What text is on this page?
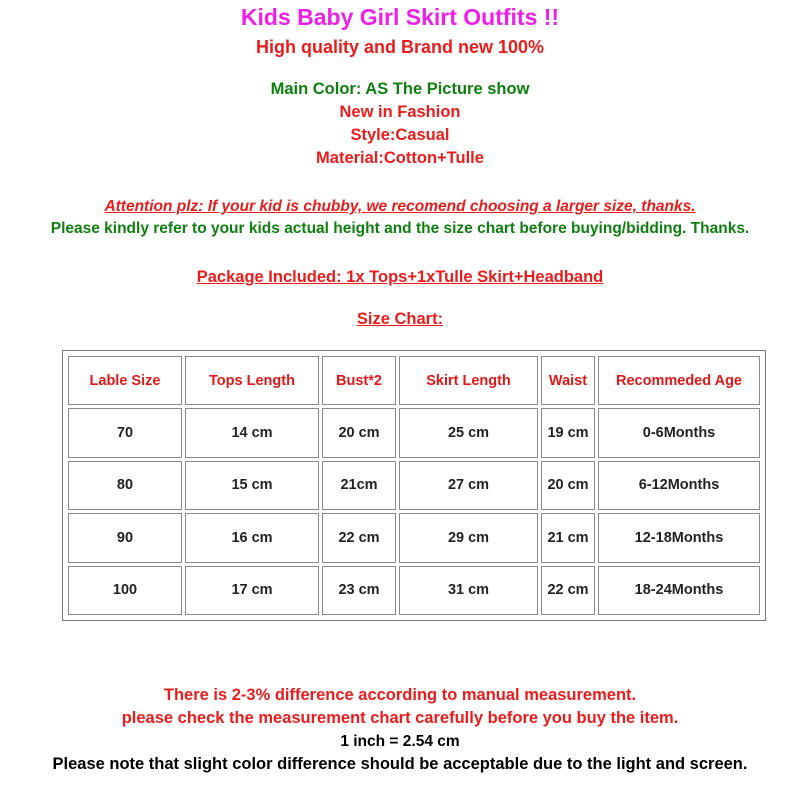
Kids Baby Girl Skirt Outfits !!
High quality and Brand new 100%
Main Color: AS The Picture show
New in Fashion
Style:Casual
Material:Cotton+Tulle
Attention plz: If your kid is chubby, we recomend choosing a larger size, thanks.
Please kindly refer to your kids actual height and the size chart before buying/bidding. Thanks.
Package Included: 1x Tops+1xTulle Skirt+Headband
Size Chart:
Lable Size	Tops Length	Bust*2	Skirt Length	Waist	Recommeded Age
70	14 cm	20 cm	25 cm	19 cm	0-6Months
80	15 cm	21cm	27 cm	20 cm	6-12Months
90	16 cm	22 cm	29 cm	21 cm	12-18Months
100	17 cm	23 cm	31 cm	22 cm	18-24Months
There is 2-3% difference according to manual measurement.
please check the measurement chart carefully before you buy the item.
1 inch = 2.54 cm
Please note that slight color difference should be acceptable due to the light and screen.
